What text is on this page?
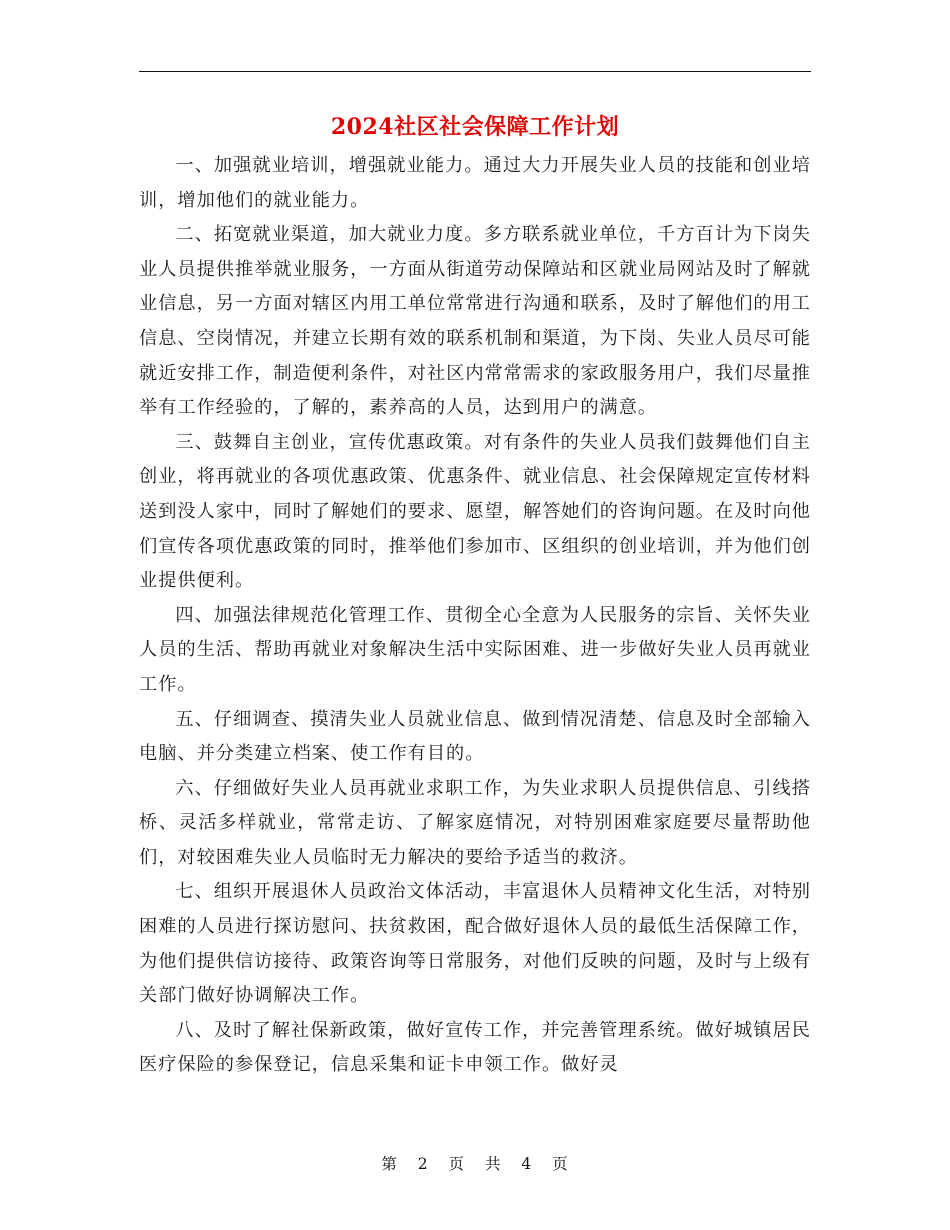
2024社区社会保障工作计划

一、加强就业培训，增强就业能力。通过大力开展失业人员的技能和创业培训，增加他们的就业能力。

二、拓宽就业渠道，加大就业力度。多方联系就业单位，千方百计为下岗失业人员提供推举就业服务，一方面从街道劳动保障站和区就业局网站及时了解就业信息，另一方面对辖区内用工单位常常进行沟通和联系，及时了解他们的用工信息、空岗情况，并建立长期有效的联系机制和渠道，为下岗、失业人员尽可能就近安排工作，制造便利条件，对社区内常常需求的家政服务用户，我们尽量推举有工作经验的，了解的，素养高的人员，达到用户的满意。

三、鼓舞自主创业，宣传优惠政策。对有条件的失业人员我们鼓舞他们自主创业，将再就业的各项优惠政策、优惠条件、就业信息、社会保障规定宣传材料送到没人家中，同时了解她们的要求、愿望，解答她们的咨询问题。在及时向他们宣传各项优惠政策的同时，推举他们参加市、区组织的创业培训，并为他们创业提供便利。

四、加强法律规范化管理工作、贯彻全心全意为人民服务的宗旨、关怀失业人员的生活、帮助再就业对象解决生活中实际困难、进一步做好失业人员再就业工作。

五、仔细调查、摸清失业人员就业信息、做到情况清楚、信息及时全部输入电脑、并分类建立档案、使工作有目的。

六、仔细做好失业人员再就业求职工作，为失业求职人员提供信息、引线搭桥、灵活多样就业，常常走访、了解家庭情况，对特别困难家庭要尽量帮助他们，对较困难失业人员临时无力解决的要给予适当的救济。

七、组织开展退休人员政治文体活动，丰富退休人员精神文化生活，对特别困难的人员进行探访慰问、扶贫救困，配合做好退休人员的最低生活保障工作，为他们提供信访接待、政策咨询等日常服务，对他们反映的问题，及时与上级有关部门做好协调解决工作。

八、及时了解社保新政策，做好宣传工作，并完善管理系统。做好城镇居民医疗保险的参保登记，信息采集和证卡申领工作。做好灵

第 2 页 共 4 页
